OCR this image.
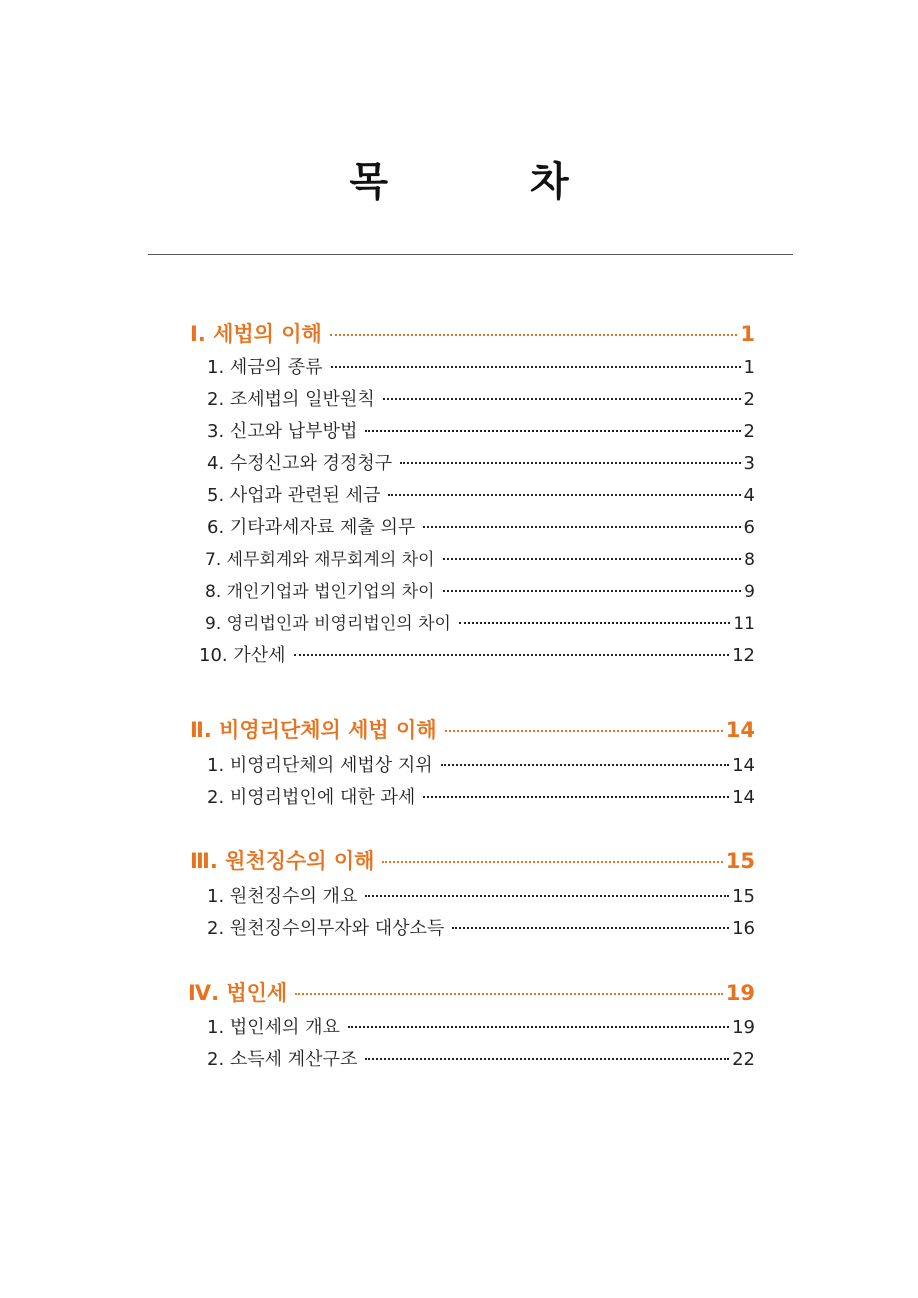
목 차
Ⅰ. 세법의 이해	1
1. 세금의 종류	1
2. 조세법의 일반원칙	2
3. 신고와 납부방법	2
4. 수정신고와 경정청구	3
5. 사업과 관련된 세금	4
6. 기타과세자료 제출 의무	6
7. 세무회계와 재무회계의 차이	8
8. 개인기업과 법인기업의 차이	9
9. 영리법인과 비영리법인의 차이	11
10. 가산세	12
Ⅱ. 비영리단체의 세법 이해	14
1. 비영리단체의 세법상 지위	14
2. 비영리법인에 대한 과세	14
Ⅲ. 원천징수의 이해	15
1. 원천징수의 개요	15
2. 원천징수의무자와 대상소득	16
Ⅳ. 법인세	19
1. 법인세의 개요	19
2. 소득세 계산구조	22
